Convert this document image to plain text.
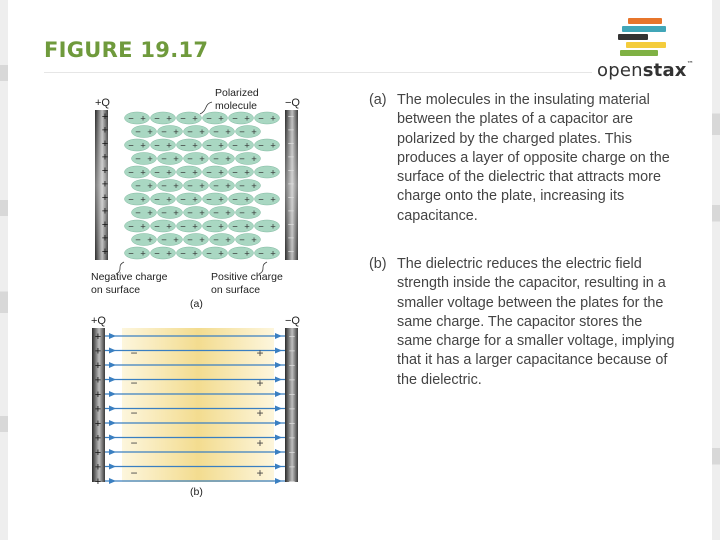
FIGURE 19.17
openstax™
(a) The molecules in the insulating material between the plates of a capacitor are polarized by the charged plates. This produces a layer of opposite charge on the surface of the dielectric that attracts more charge onto the plate, increasing its capacitance.
(b) The dielectric reduces the electric field strength inside the capacitor, resulting in a smaller voltage between the plates for the same charge. The capacitor stores the same charge for a smaller voltage, implying that it has a larger capacitance because of the dielectric.
+Q	−Q
Polarized
molecule
+	−
+	−
+	−
+	−
+	−
+	−
+	−
+	−
+	−
+	−
+	−
− + − + − + − + − + − +
− + − + − + − + − +
− + − + − + − + − + − +
− + − + − + − + − +
− + − + − + − + − + − +
− + − + − + − + − +
− + − + − + − + − + − +
− + − + − + − + − +
− + − + − + − + − + − +
− + − + − + − + − +
− + − + − + − + − + − +
Negative charge
on surface
Positive charge
on surface
(a)
+Q	−Q
+	−
+	−
+	−
+	−
+	−
+	−
+	−
+	−
+	−
+	−
+	−
−	+
−	+
−	+
−	+
−	+
(b)
